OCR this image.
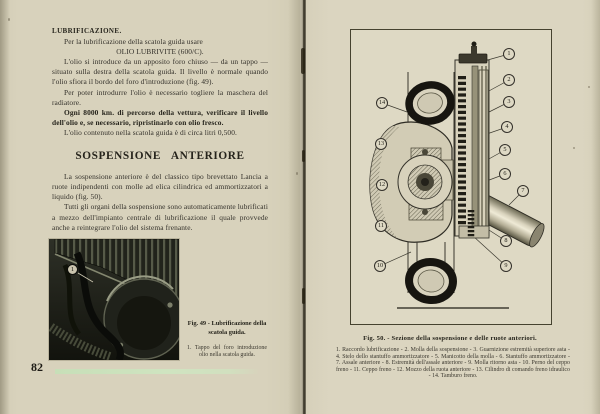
LUBRIFICAZIONE.

Per la lubrificazione della scatola guida usare

OLIO LUBRIVITE (600/C).

L'olio si introduce da un apposito foro chiuso — da un tappo — situato sulla destra della scatola guida. Il livello è normale quando l'olio sfiora il bordo del foro d'introduzione (fig. 49).

Per poter introdurre l'olio è necessario togliere la maschera del radiatore.

Ogni 8000 km. di percorso della vettura, verificare il livello dell'olio e, se necessario, ripristinarlo con olio fresco.

L'olio contenuto nella scatola guida è di circa litri 0,500.

SOSPENSIONE ANTERIORE

La sospensione anteriore è del classico tipo brevettato Lancia a ruote indipendenti con molle ad elica cilindrica ed ammortizzatori a liquido (fig. 50).

Tutti gli organi della sospensione sono automaticamente lubrificati a mezzo dell'impianto centrale di lubrificazione il quale provvede anche a reintegrare l'olio del sistema frenante.

1
Fig. 49 - Lubrificazione della scatola guida.
1. Tappo del foro introduzione olio nella scatola guida.
82
1
2
3
4
5
6
7
8
9
10
11
12
13
14
Fig. 50. - Sezione della sospensione e delle ruote anteriori.
1. Raccordo lubrificazione - 2. Molla della sospensione - 3. Guarnizione estremità superiore asta - 4. Stelo dello stantuffo ammortizzatore - 5. Manicotto della molla - 6. Stantuffo ammortizzatore - 7. Assale anteriore - 8. Estremità dell'assale anteriore - 9. Molla ritorno asta - 10. Perno del ceppo freno - 11. Ceppo freno - 12. Mozzo della ruota anteriore - 13. Cilindro di comando freno idraulico - 14. Tamburo freno.
